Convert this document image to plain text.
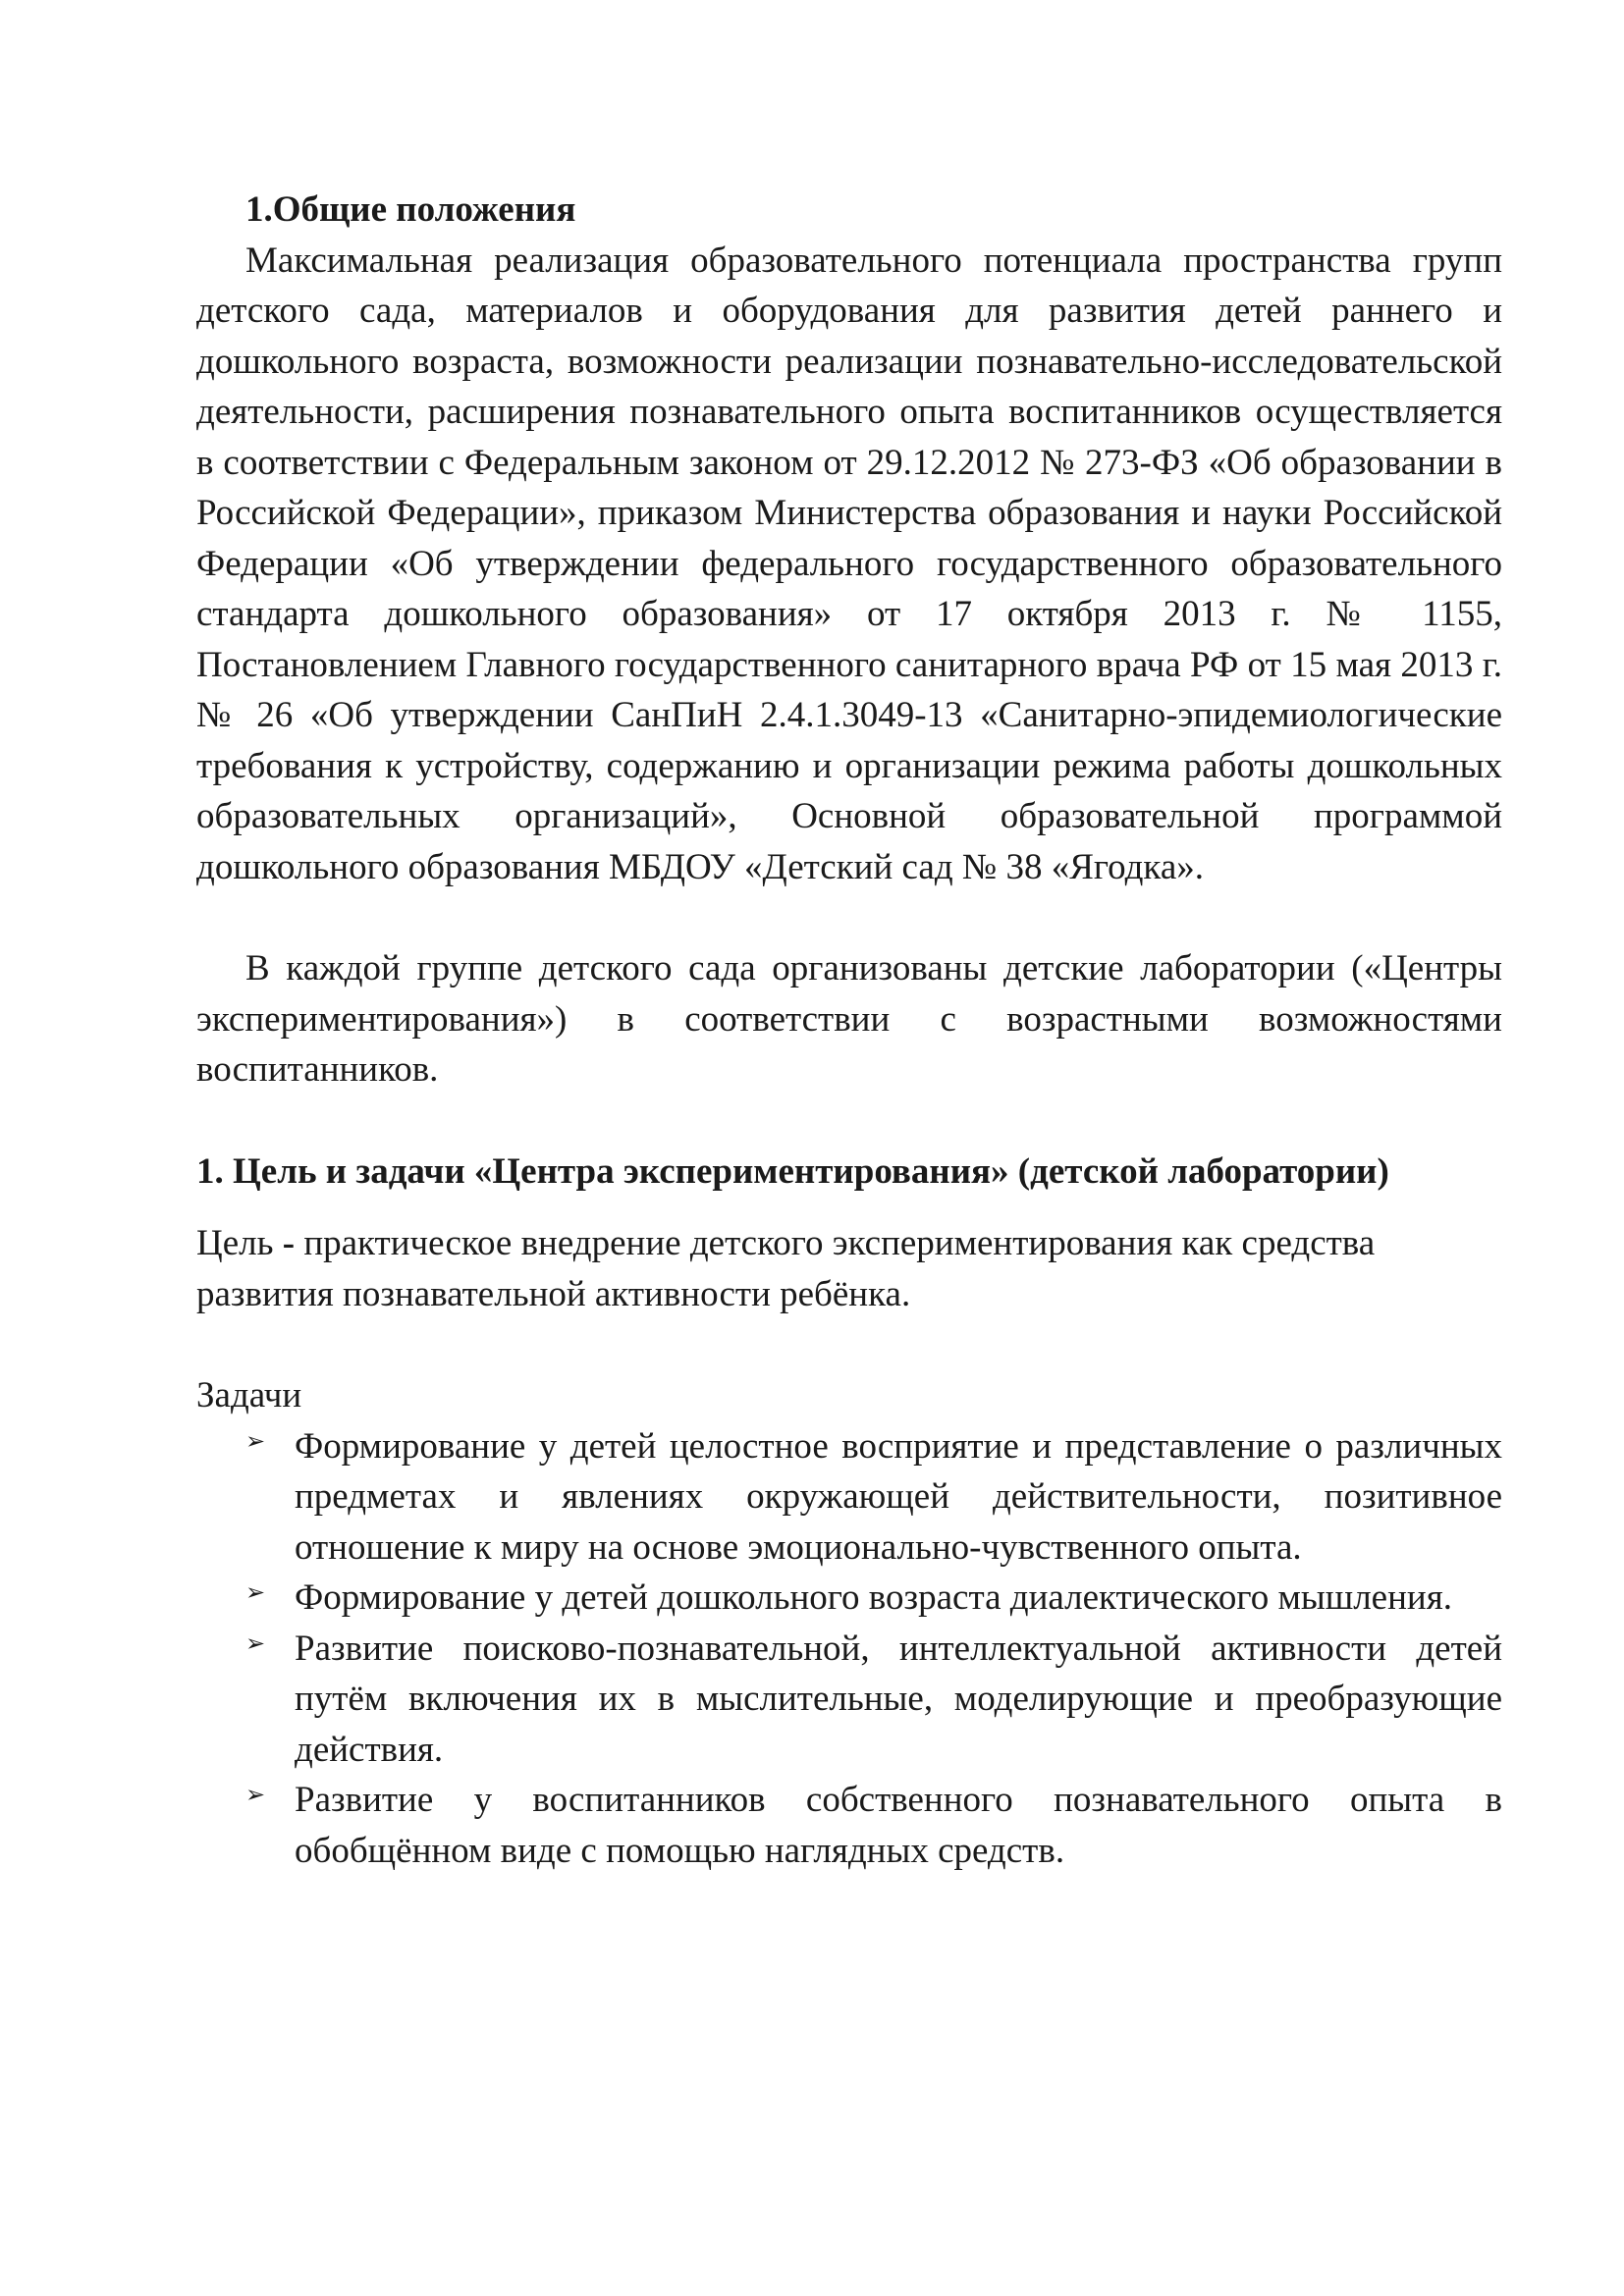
1.Общие положения

Максимальная реализация образовательного потенциала пространства групп детского сада, материалов и оборудования для развития детей раннего и дошкольного возраста, возможности реализации познавательно-исследовательской деятельности, расширения познавательного опыта воспитанников осуществляется в соответствии с Федеральным законом от 29.12.2012 № 273-ФЗ «Об образовании в Российской Федерации», приказом Министерства образования и науки Российской Федерации «Об утверждении федерального государственного образовательного стандарта дошкольного образования» от 17 октября 2013 г. № 1155, Постановлением Главного государственного санитарного врача РФ от 15 мая 2013 г. № 26 «Об утверждении СанПиН 2.4.1.3049-13 «Санитарно-эпидемиологические требования к устройству, содержанию и организации режима работы дошкольных образовательных организаций», Основной образовательной программой дошкольного образования МБДОУ «Детский сад № 38 «Ягодка».

В каждой группе детского сада организованы детские лаборатории («Центры экспериментирования») в соответствии с возрастными возможностями воспитанников.

1. Цель и задачи «Центра экспериментирования» (детской лаборатории)

Цель - практическое внедрение детского экспериментирования как средства развития познавательной активности ребёнка.

Задачи

➢ Формирование у детей целостное восприятие и представление о различных предметах и явлениях окружающей действительности, позитивное отношение к миру на основе эмоционально-чувственного опыта.
➢ Формирование у детей дошкольного возраста диалектического мышления.
➢ Развитие поисково-познавательной, интеллектуальной активности детей путём включения их в мыслительные, моделирующие и преобразующие действия.
➢ Развитие у воспитанников собственного познавательного опыта в обобщённом виде с помощью наглядных средств.
